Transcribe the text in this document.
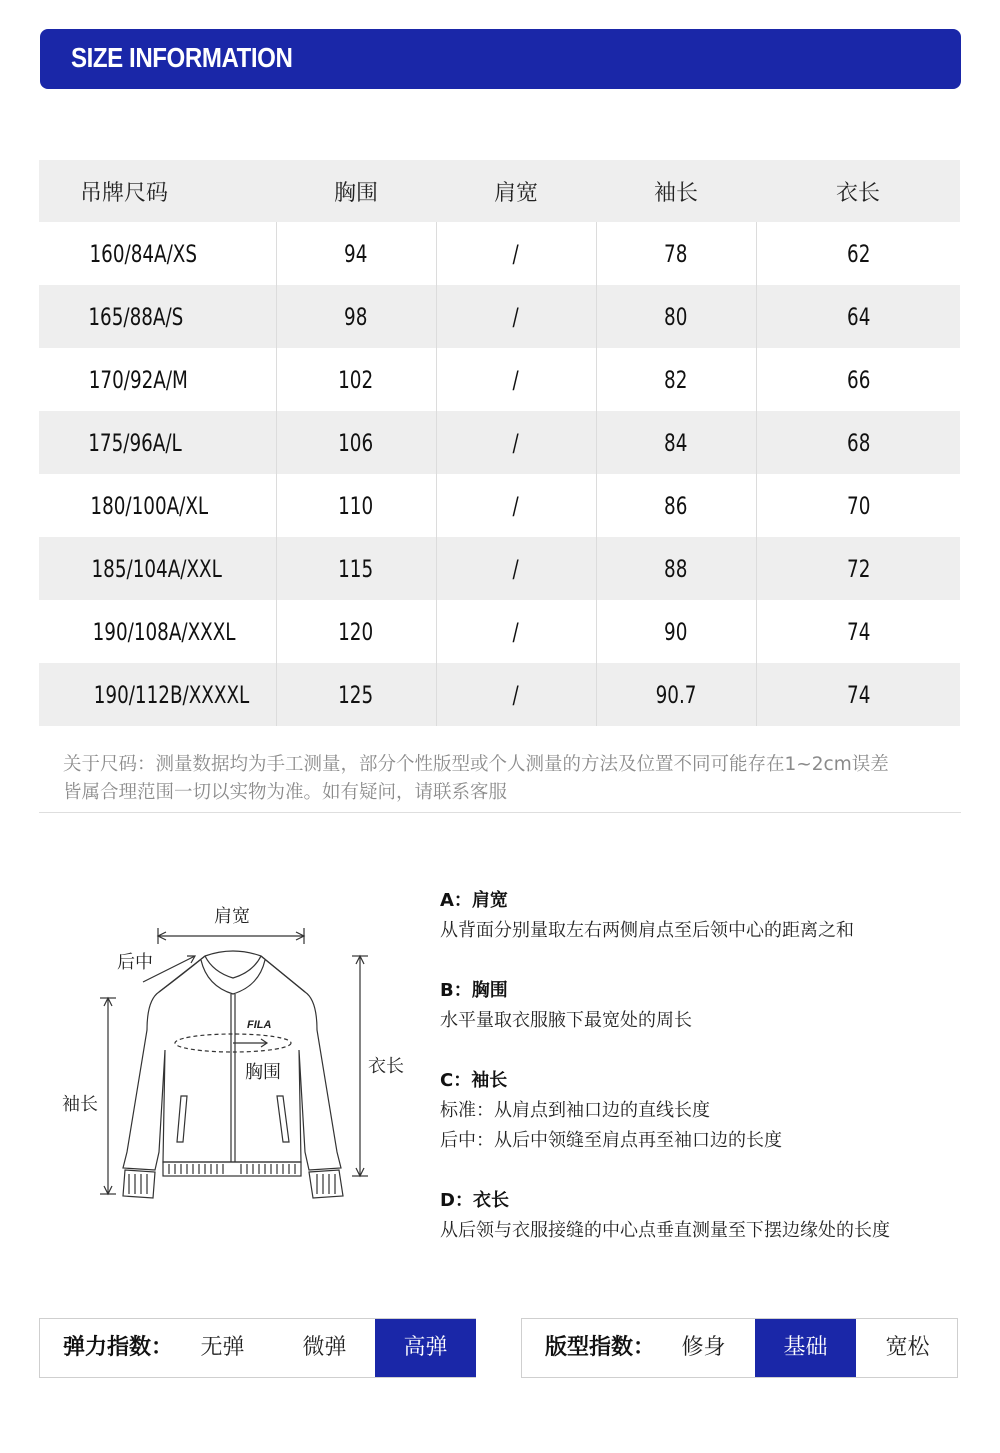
SIZE INFORMATION
吊牌尺码	胸围	肩宽	袖长	衣长
160/84A/XS	94	/	78	62
165/88A/S	98	/	80	64
170/92A/M	102	/	82	66
175/96A/L	106	/	84	68
180/100A/XL	110	/	86	70
185/104A/XXL	115	/	88	72
190/108A/XXXL	120	/	90	74
190/112B/XXXXL	125	/	90.7	74
关于尺码：测量数据均为手工测量，部分个性版型或个人测量的方法及位置不同可能存在1~2cm误差
皆属合理范围一切以实物为准。如有疑问，请联系客服
FILA
肩宽
后中
胸围	衣长
袖长
A：肩宽
从背面分别量取左右两侧肩点至后领中心的距离之和
B：胸围
水平量取衣服腋下最宽处的周长
C：袖长
标准：从肩点到袖口边的直线长度
后中：从后中领缝至肩点再至袖口边的长度
D：衣长
从后领与衣服接缝的中心点垂直测量至下摆边缘处的长度
弹力指数：	无弹	微弹	高弹	版型指数：	修身	基础	宽松
